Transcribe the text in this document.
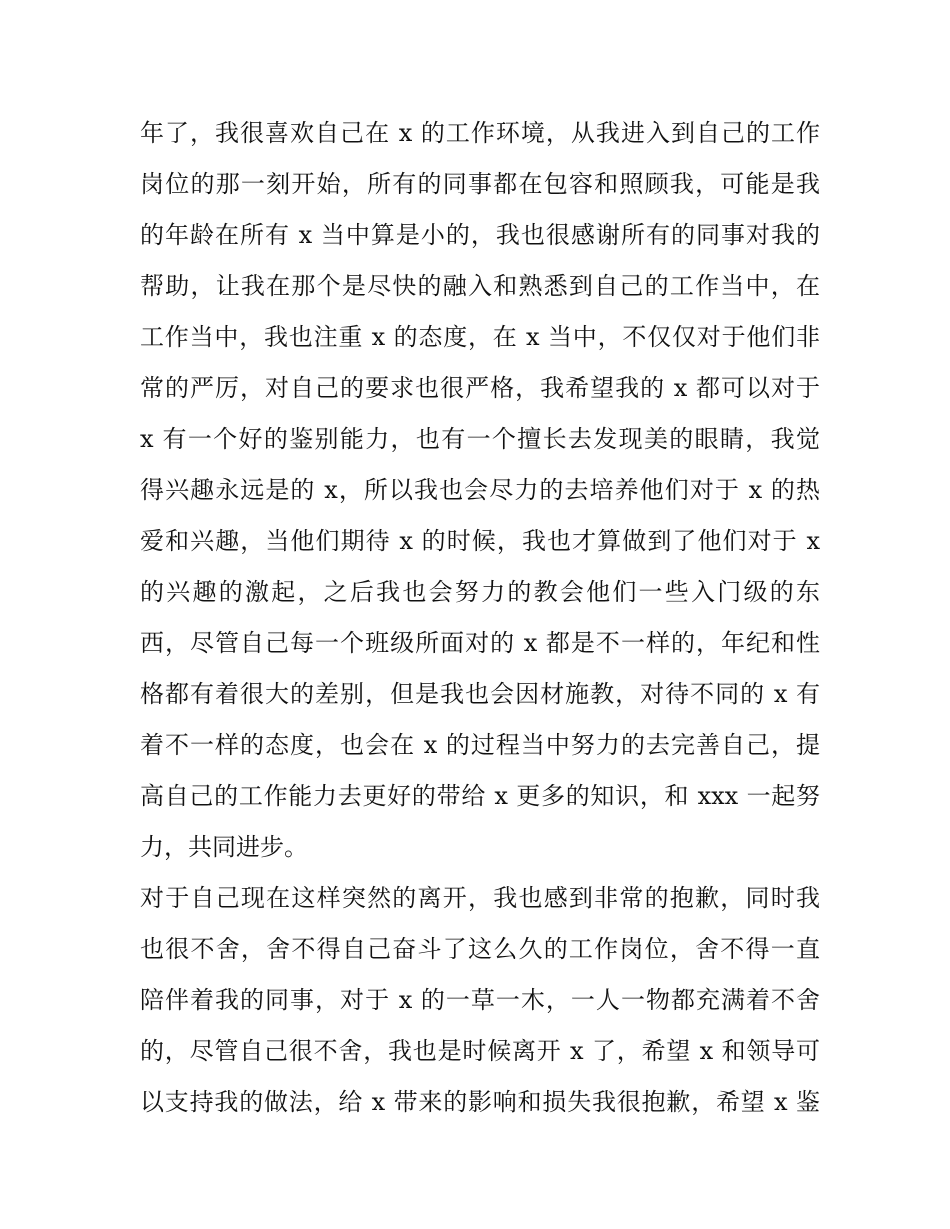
年了，我很喜欢自己在 x 的工作环境，从我进入到自己的工作
岗位的那一刻开始，所有的同事都在包容和照顾我，可能是我
的年龄在所有 x 当中算是小的，我也很感谢所有的同事对我的
帮助，让我在那个是尽快的融入和熟悉到自己的工作当中，在
工作当中，我也注重 x 的态度，在 x 当中，不仅仅对于他们非
常的严厉，对自己的要求也很严格，我希望我的 x 都可以对于
x 有一个好的鉴别能力，也有一个擅长去发现美的眼睛，我觉
得兴趣永远是的 x，所以我也会尽力的去培养他们对于 x 的热
爱和兴趣，当他们期待 x 的时候，我也才算做到了他们对于 x
的兴趣的激起，之后我也会努力的教会他们一些入门级的东
西，尽管自己每一个班级所面对的 x 都是不一样的，年纪和性
格都有着很大的差别，但是我也会因材施教，对待不同的 x 有
着不一样的态度，也会在 x 的过程当中努力的去完善自己，提
高自己的工作能力去更好的带给 x 更多的知识，和 xxx 一起努
力，共同进步。
对于自己现在这样突然的离开，我也感到非常的抱歉，同时我
也很不舍，舍不得自己奋斗了这么久的工作岗位，舍不得一直
陪伴着我的同事，对于 x 的一草一木，一人一物都充满着不舍
的，尽管自己很不舍，我也是时候离开 x 了，希望 x 和领导可
以支持我的做法，给 x 带来的影响和损失我很抱歉，希望 x 鉴
